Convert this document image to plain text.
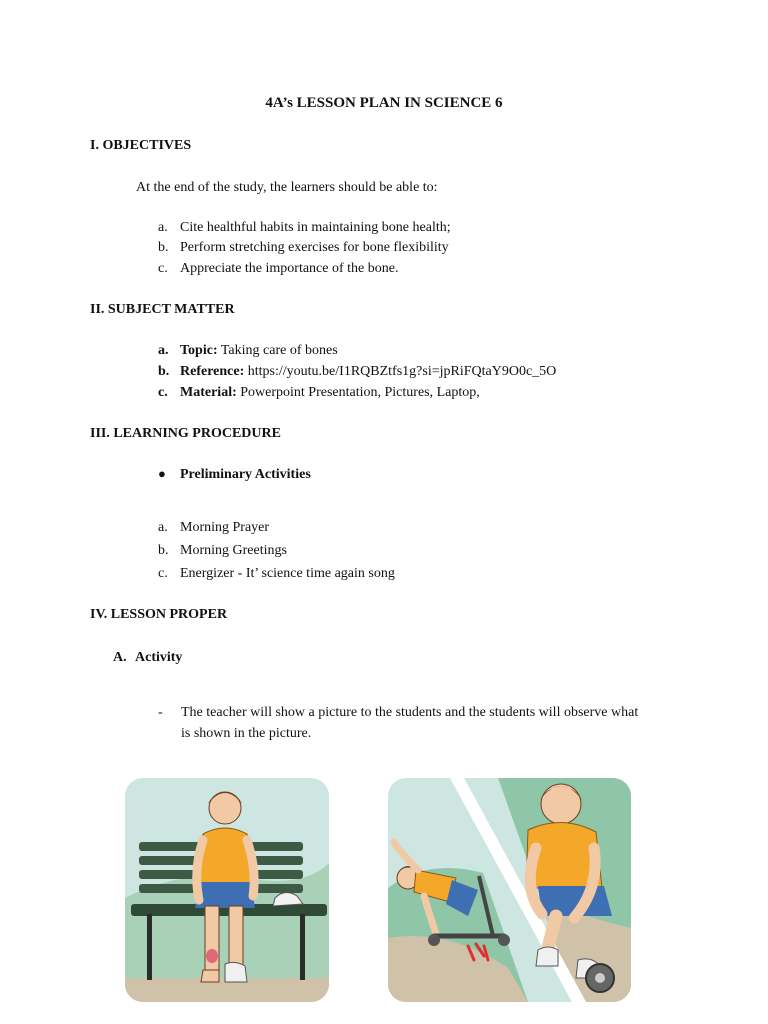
4A’s LESSON PLAN IN SCIENCE 6
I. OBJECTIVES
At the end of the study, the learners should be able to:
a. Cite healthful habits in maintaining bone health;
b. Perform stretching exercises for bone flexibility
c. Appreciate the importance of the bone.
II. SUBJECT MATTER
a. Topic: Taking care of bones
b. Reference: https://youtu.be/I1RQBZtfs1g?si=jpRiFQtaY9O0c_5O
c. Material: Powerpoint Presentation, Pictures, Laptop,
III. LEARNING PROCEDURE
● Preliminary Activities
a. Morning Prayer
b. Morning Greetings
c. Energizer - It’ science time again song
IV. LESSON PROPER
A. Activity
- The teacher will show a picture to the students and the students will observe what
is shown in the picture.
